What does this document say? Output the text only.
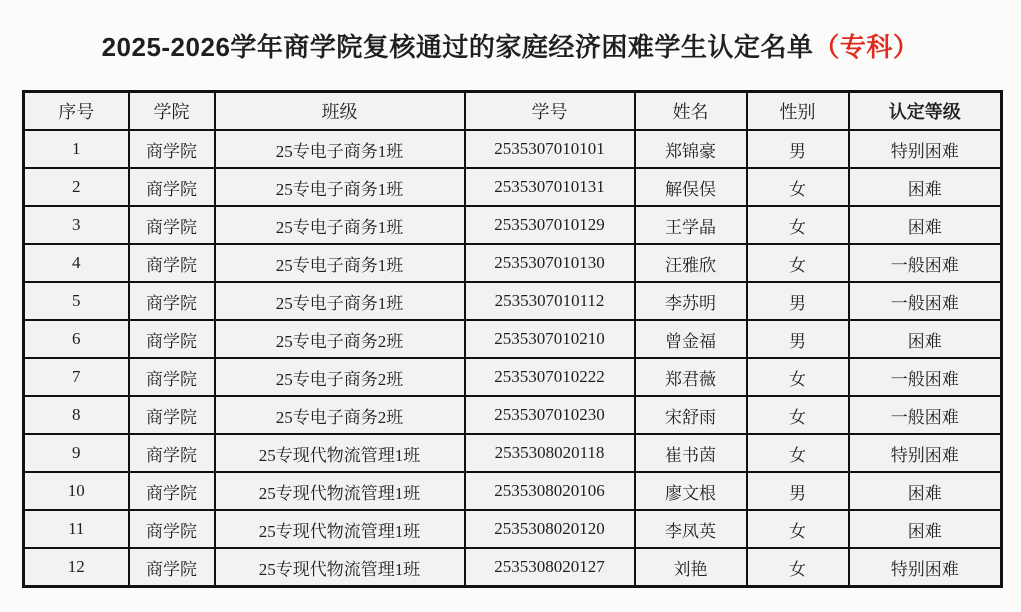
2025-2026学年商学院复核通过的家庭经济困难学生认定名单（专科）
序号	学院	班级	学号	姓名	性别	认定等级
1	商学院	25专电子商务1班	2535307010101	郑锦豪	男	特别困难
2	商学院	25专电子商务1班	2535307010131	解俣俣	女	困难
3	商学院	25专电子商务1班	2535307010129	王学晶	女	困难
4	商学院	25专电子商务1班	2535307010130	汪雅欣	女	一般困难
5	商学院	25专电子商务1班	2535307010112	李苏明	男	一般困难
6	商学院	25专电子商务2班	2535307010210	曾金福	男	困难
7	商学院	25专电子商务2班	2535307010222	郑君薇	女	一般困难
8	商学院	25专电子商务2班	2535307010230	宋舒雨	女	一般困难
9	商学院	25专现代物流管理1班	2535308020118	崔书茵	女	特别困难
10	商学院	25专现代物流管理1班	2535308020106	廖文根	男	困难
11	商学院	25专现代物流管理1班	2535308020120	李凤英	女	困难
12	商学院	25专现代物流管理1班	2535308020127	刘艳	女	特别困难
